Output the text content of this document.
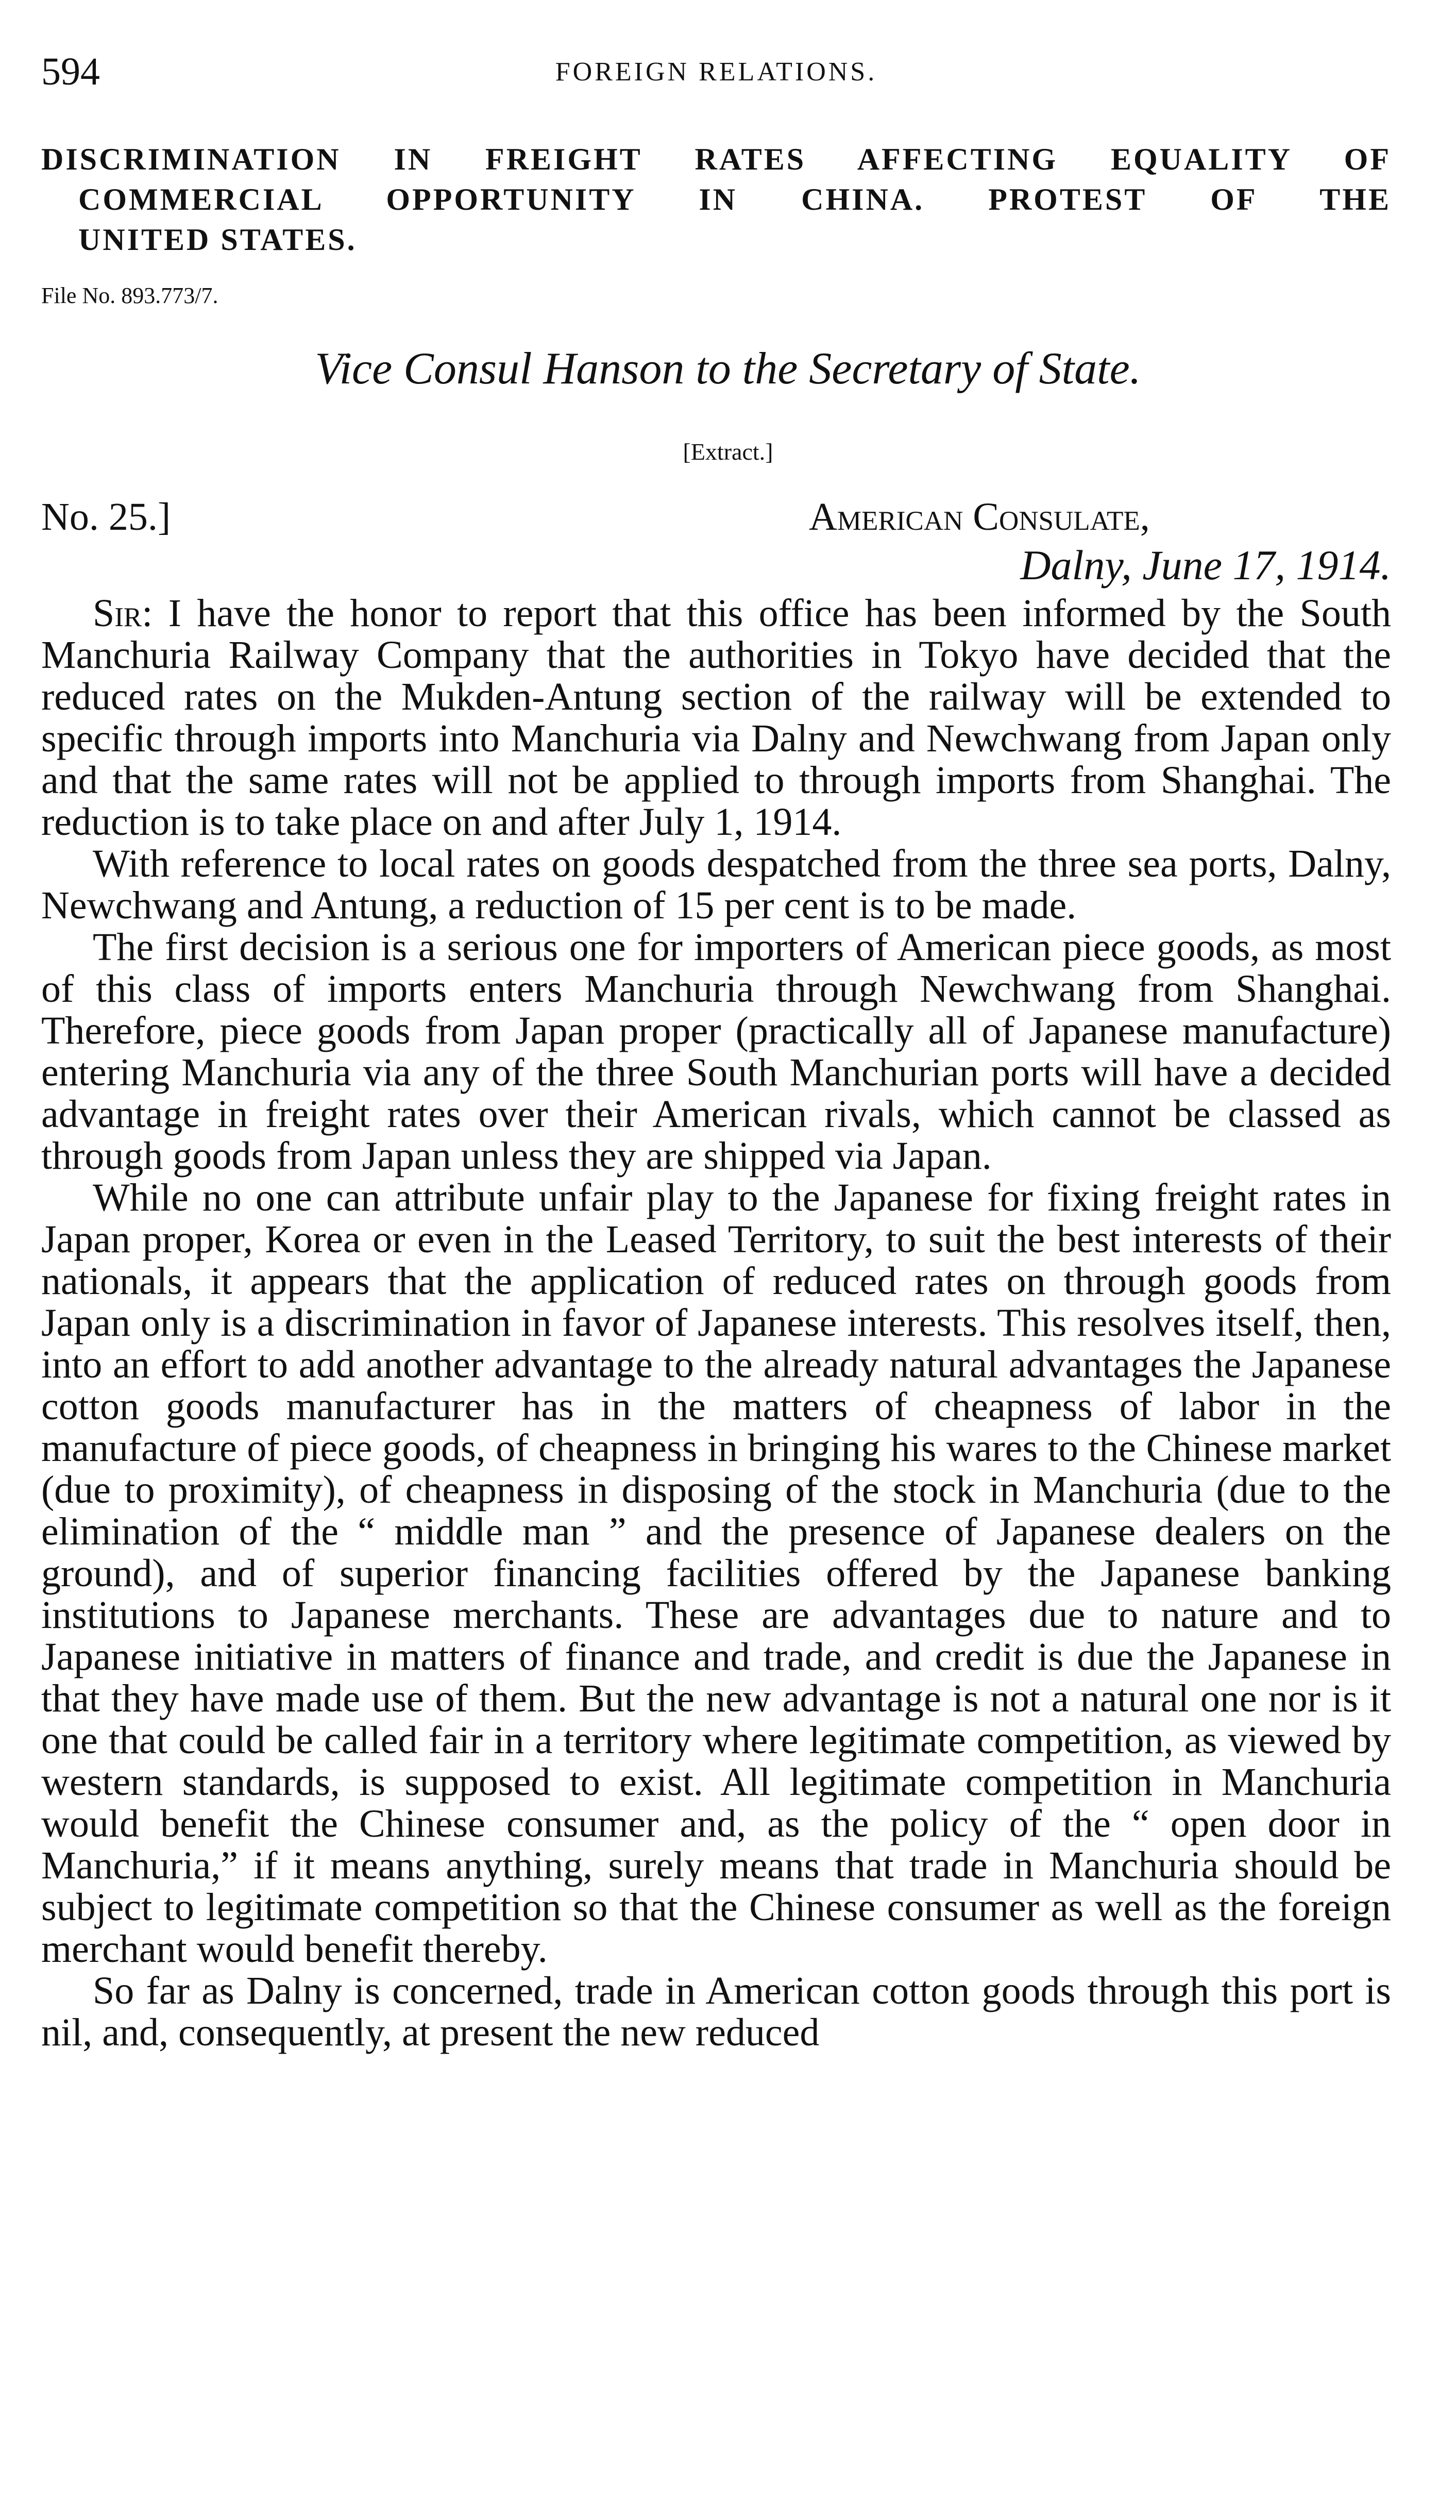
594	FOREIGN RELATIONS.
DISCRIMINATION IN FREIGHT RATES AFFECTING EQUALITY OF
COMMERCIAL OPPORTUNITY IN CHINA. PROTEST OF THE
UNITED STATES.
File No. 893.773/7.
Vice Consul Hanson to the Secretary of State.
[Extract.]
No. 25.]	American Consulate,
Dalny, June 17, 1914.

Sir: I have the honor to report that this office has been informed by the South Manchuria Railway Company that the authorities in Tokyo have decided that the reduced rates on the Mukden-Antung section of the railway will be extended to specific through imports into Manchuria via Dalny and Newchwang from Japan only and that the same rates will not be applied to through imports from Shanghai. The reduction is to take place on and after July 1, 1914.

With reference to local rates on goods despatched from the three sea ports, Dalny, Newchwang and Antung, a reduction of 15 per cent is to be made.

The first decision is a serious one for importers of American piece goods, as most of this class of imports enters Manchuria through Newchwang from Shanghai. Therefore, piece goods from Japan proper (practically all of Japanese manufacture) entering Manchuria via any of the three South Manchurian ports will have a decided advantage in freight rates over their American rivals, which cannot be classed as through goods from Japan unless they are shipped via Japan.

While no one can attribute unfair play to the Japanese for fixing freight rates in Japan proper, Korea or even in the Leased Territory, to suit the best interests of their nationals, it appears that the application of reduced rates on through goods from Japan only is a discrimination in favor of Japanese interests. This resolves itself, then, into an effort to add another advantage to the already natural advantages the Japanese cotton goods manufacturer has in the matters of cheapness of labor in the manufacture of piece goods, of cheapness in bringing his wares to the Chinese market (due to proximity), of cheapness in disposing of the stock in Manchuria (due to the elimination of the “ middle man ” and the presence of Japanese dealers on the ground), and of superior financing facilities offered by the Japanese banking institutions to Japanese merchants. These are advantages due to nature and to Japanese initiative in matters of finance and trade, and credit is due the Japanese in that they have made use of them. But the new advantage is not a natural one nor is it one that could be called fair in a territory where legitimate competition, as viewed by western standards, is supposed to exist. All legitimate competition in Manchuria would benefit the Chinese consumer and, as the policy of the “ open door in Manchuria,” if it means anything, surely means that trade in Manchuria should be subject to legitimate competition so that the Chinese consumer as well as the foreign merchant would benefit thereby.

So far as Dalny is concerned, trade in American cotton goods through this port is nil, and, consequently, at present the new reduced
